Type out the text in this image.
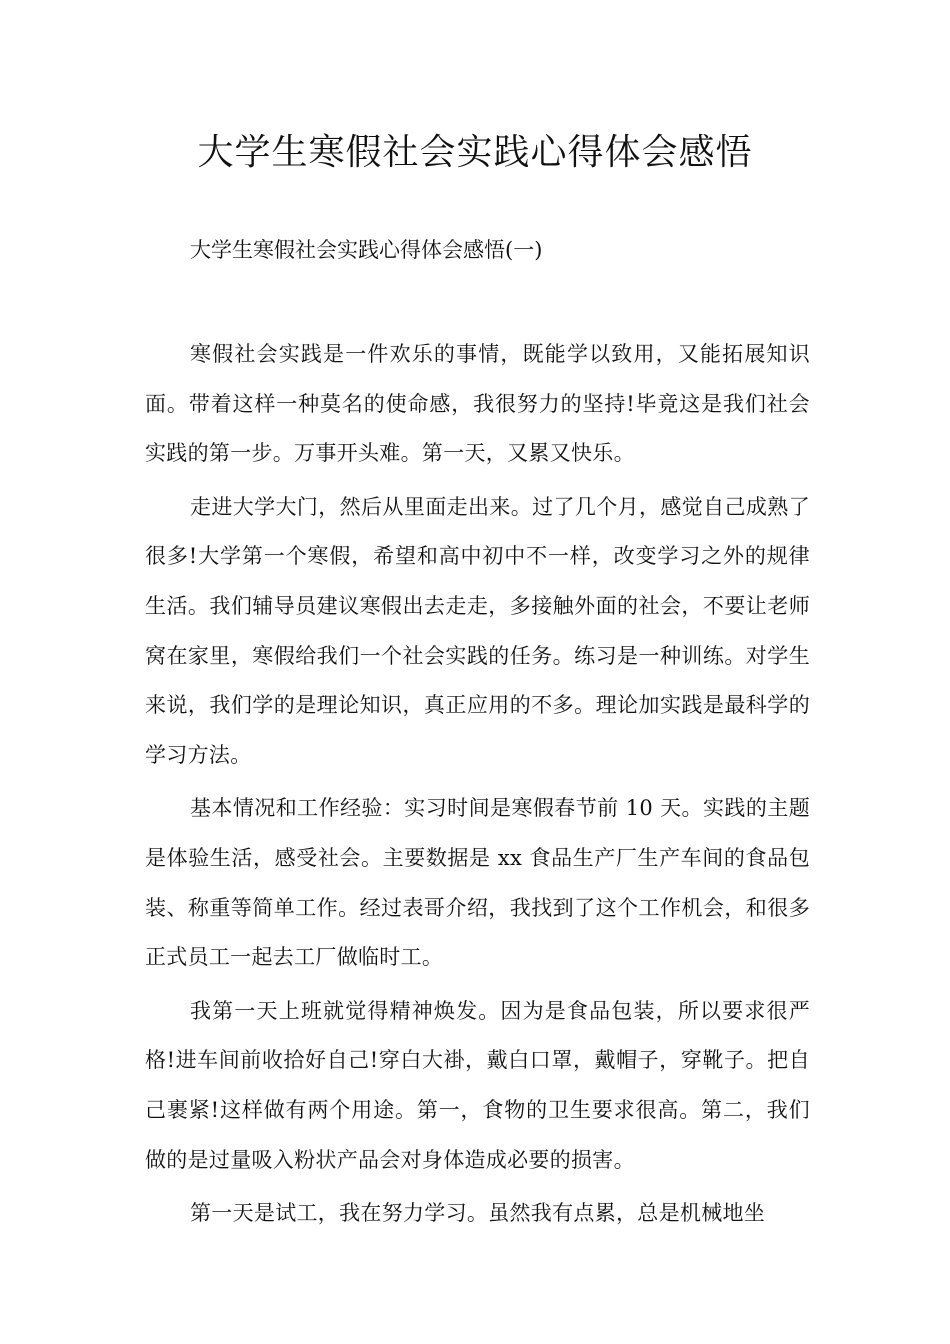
大学生寒假社会实践心得体会感悟
大学生寒假社会实践心得体会感悟(一)

寒假社会实践是一件欢乐的事情，既能学以致用，又能拓展知识面。带着这样一种莫名的使命感，我很努力的坚持!毕竟这是我们社会实践的第一步。万事开头难。第一天，又累又快乐。

走进大学大门，然后从里面走出来。过了几个月，感觉自己成熟了很多!大学第一个寒假，希望和高中初中不一样，改变学习之外的规律生活。我们辅导员建议寒假出去走走，多接触外面的社会，不要让老师窝在家里，寒假给我们一个社会实践的任务。练习是一种训练。对学生来说，我们学的是理论知识，真正应用的不多。理论加实践是最科学的学习方法。

基本情况和工作经验：实习时间是寒假春节前 10 天。实践的主题是体验生活，感受社会。主要数据是 xx 食品生产厂生产车间的食品包装、称重等简单工作。经过表哥介绍，我找到了这个工作机会，和很多正式员工一起去工厂做临时工。

我第一天上班就觉得精神焕发。因为是食品包装，所以要求很严格!进车间前收拾好自己!穿白大褂，戴白口罩，戴帽子，穿靴子。把自己裹紧!这样做有两个用途。第一，食物的卫生要求很高。第二，我们做的是过量吸入粉状产品会对身体造成必要的损害。

第一天是试工，我在努力学习。虽然我有点累，总是机械地坐
